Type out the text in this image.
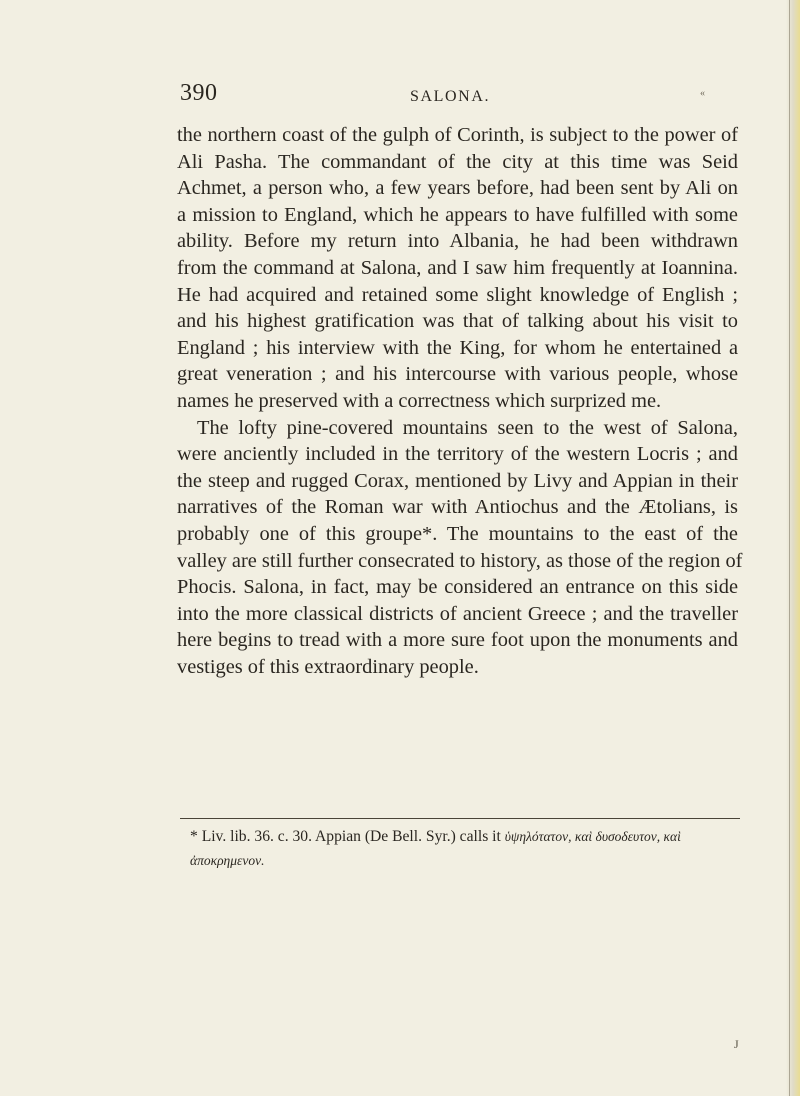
390	SALONA.	«
the northern coast of the gulph of Corinth, is subject to the power of
Ali Pasha. The commandant of the city at this time was Seid
Achmet, a person who, a few years before, had been sent by Ali on
a mission to England, which he appears to have fulfilled with some
ability. Before my return into Albania, he had been withdrawn
from the command at Salona, and I saw him frequently at Ioannina.
He had acquired and retained some slight knowledge of English ;
and his highest gratification was that of talking about his visit to
England ; his interview with the King, for whom he entertained a
great veneration ; and his intercourse with various people, whose
names he preserved with a correctness which surprized me.
The lofty pine-covered mountains seen to the west of Salona,
were anciently included in the territory of the western Locris ; and
the steep and rugged Corax, mentioned by Livy and Appian in their
narratives of the Roman war with Antiochus and the Ætolians, is
probably one of this groupe*. The mountains to the east of the
valley are still further consecrated to history, as those of the region of
Phocis. Salona, in fact, may be considered an entrance on this side
into the more classical districts of ancient Greece ; and the traveller
here begins to tread with a more sure foot upon the monuments and
vestiges of this extraordinary people.
* Liv. lib. 36. c. 30. Appian (De Bell. Syr.) calls it ὑψηλότατον, καὶ δυσοδευτον, καὶ
ἀποκρημενον.
J
